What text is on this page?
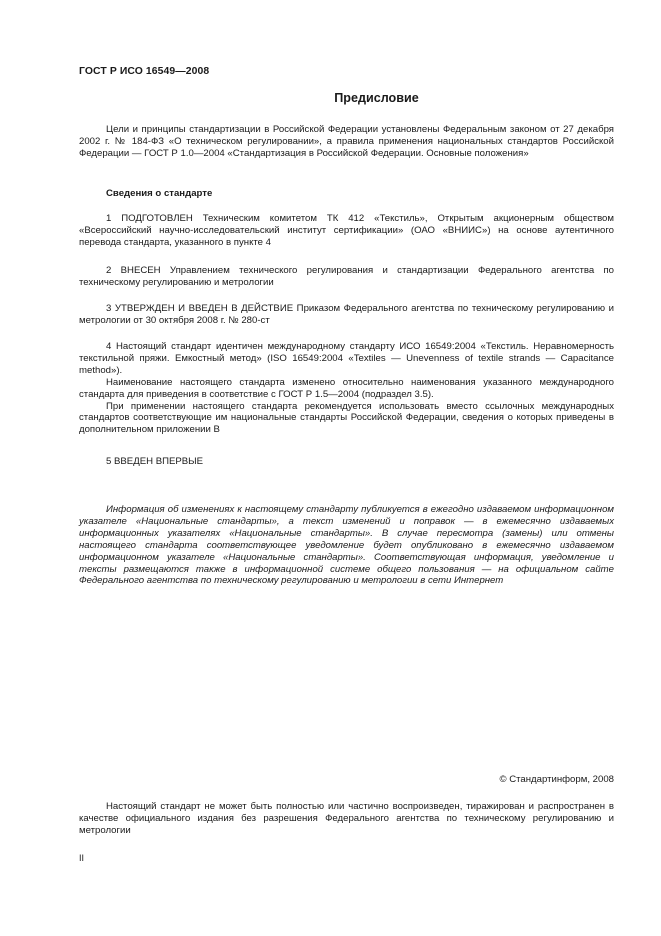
ГОСТ Р ИСО 16549—2008
Предисловие

Цели и принципы стандартизации в Российской Федерации установлены Федеральным законом от 27 декабря 2002 г. № 184-ФЗ «О техническом регулировании», а правила применения национальных стандартов Российской Федерации — ГОСТ Р 1.0—2004 «Стандартизация в Российской Федерации. Основные положения»

Сведения о стандарте

1 ПОДГОТОВЛЕН Техническим комитетом ТК 412 «Текстиль», Открытым акционерным обществом «Всероссийский научно-исследовательский институт сертификации» (ОАО «ВНИИС») на основе аутентичного перевода стандарта, указанного в пункте 4

2 ВНЕСЕН Управлением технического регулирования и стандартизации Федерального агентства по техническому регулированию и метрологии

3 УТВЕРЖДЕН И ВВЕДЕН В ДЕЙСТВИЕ Приказом Федерального агентства по техническому регулированию и метрологии от 30 октября 2008 г. № 280-ст

4 Настоящий стандарт идентичен международному стандарту ИСО 16549:2004 «Текстиль. Неравномерность текстильной пряжи. Емкостный метод» (ISO 16549:2004 «Textiles — Unevenness of textile strands — Capacitance method»).

Наименование настоящего стандарта изменено относительно наименования указанного международного стандарта для приведения в соответствие с ГОСТ Р 1.5—2004 (подраздел 3.5).

При применении настоящего стандарта рекомендуется использовать вместо ссылочных международных стандартов соответствующие им национальные стандарты Российской Федерации, сведения о которых приведены в дополнительном приложении В

5 ВВЕДЕН ВПЕРВЫЕ

Информация об изменениях к настоящему стандарту публикуется в ежегодно издаваемом информационном указателе «Национальные стандарты», а текст изменений и поправок — в ежемесячно издаваемых информационных указателях «Национальные стандарты». В случае пересмотра (замены) или отмены настоящего стандарта соответствующее уведомление будет опубликовано в ежемесячно издаваемом информационном указателе «Национальные стандарты». Соответствующая информация, уведомление и тексты размещаются также в информационной системе общего пользования — на официальном сайте Федерального агентства по техническому регулированию и метрологии в сети Интернет

© Стандартинформ, 2008

Настоящий стандарт не может быть полностью или частично воспроизведен, тиражирован и распространен в качестве официального издания без разрешения Федерального агентства по техническому регулированию и метрологии

II
